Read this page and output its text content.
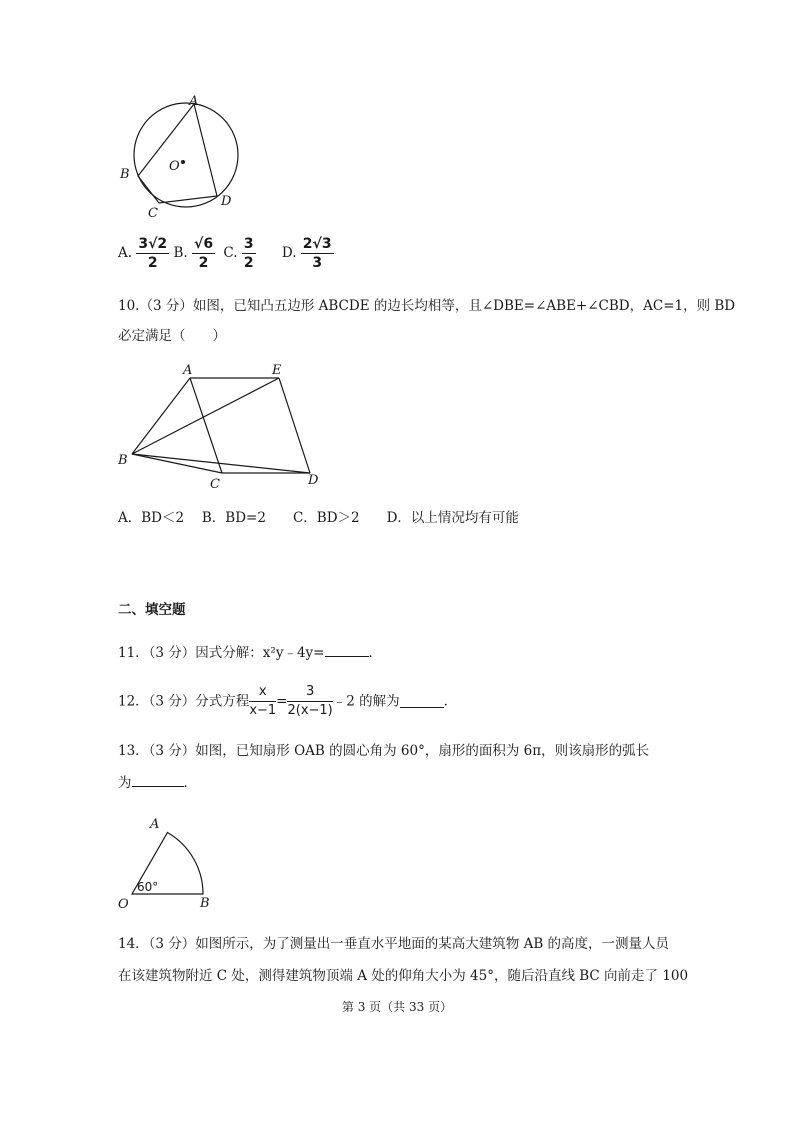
A
B
C
D
O
A. $\frac{3√2}{2} B$. $\frac{√6}{2} C$. $\frac{3}{2} D$. $\frac{2√3}{3}$
10.（3 分）如图，已知凸五边形 ABCDE 的边长均相等，且∠DBE=∠ABE+∠CBD，AC=1，则 BD
必定满足（　　）
A	E
B
C	D
A．BD＜2　 B．BD=2　　C．BD＞2　　D．以上情况均有可能
二、填空题
11．（3 分）因式分解：x²y﹣4y=	．
12．（3 分）分式方程 $\frac{x}{x-1} = \frac{3}{2(x-1)}$ ﹣2 的解为	．
13．（3 分）如图，已知扇形 OAB 的圆心角为 60°，扇形的面积为 6π，则该扇形的弧长
为	．
A
O	B
60°
14．（3 分）如图所示，为了测量出一垂直水平地面的某高大建筑物 AB 的高度，一测量人员
在该建筑物附近 C 处，测得建筑物顶端 A 处的仰角大小为 45°，随后沿直线 BC 向前走了 100
第 3 页（共 33 页）
